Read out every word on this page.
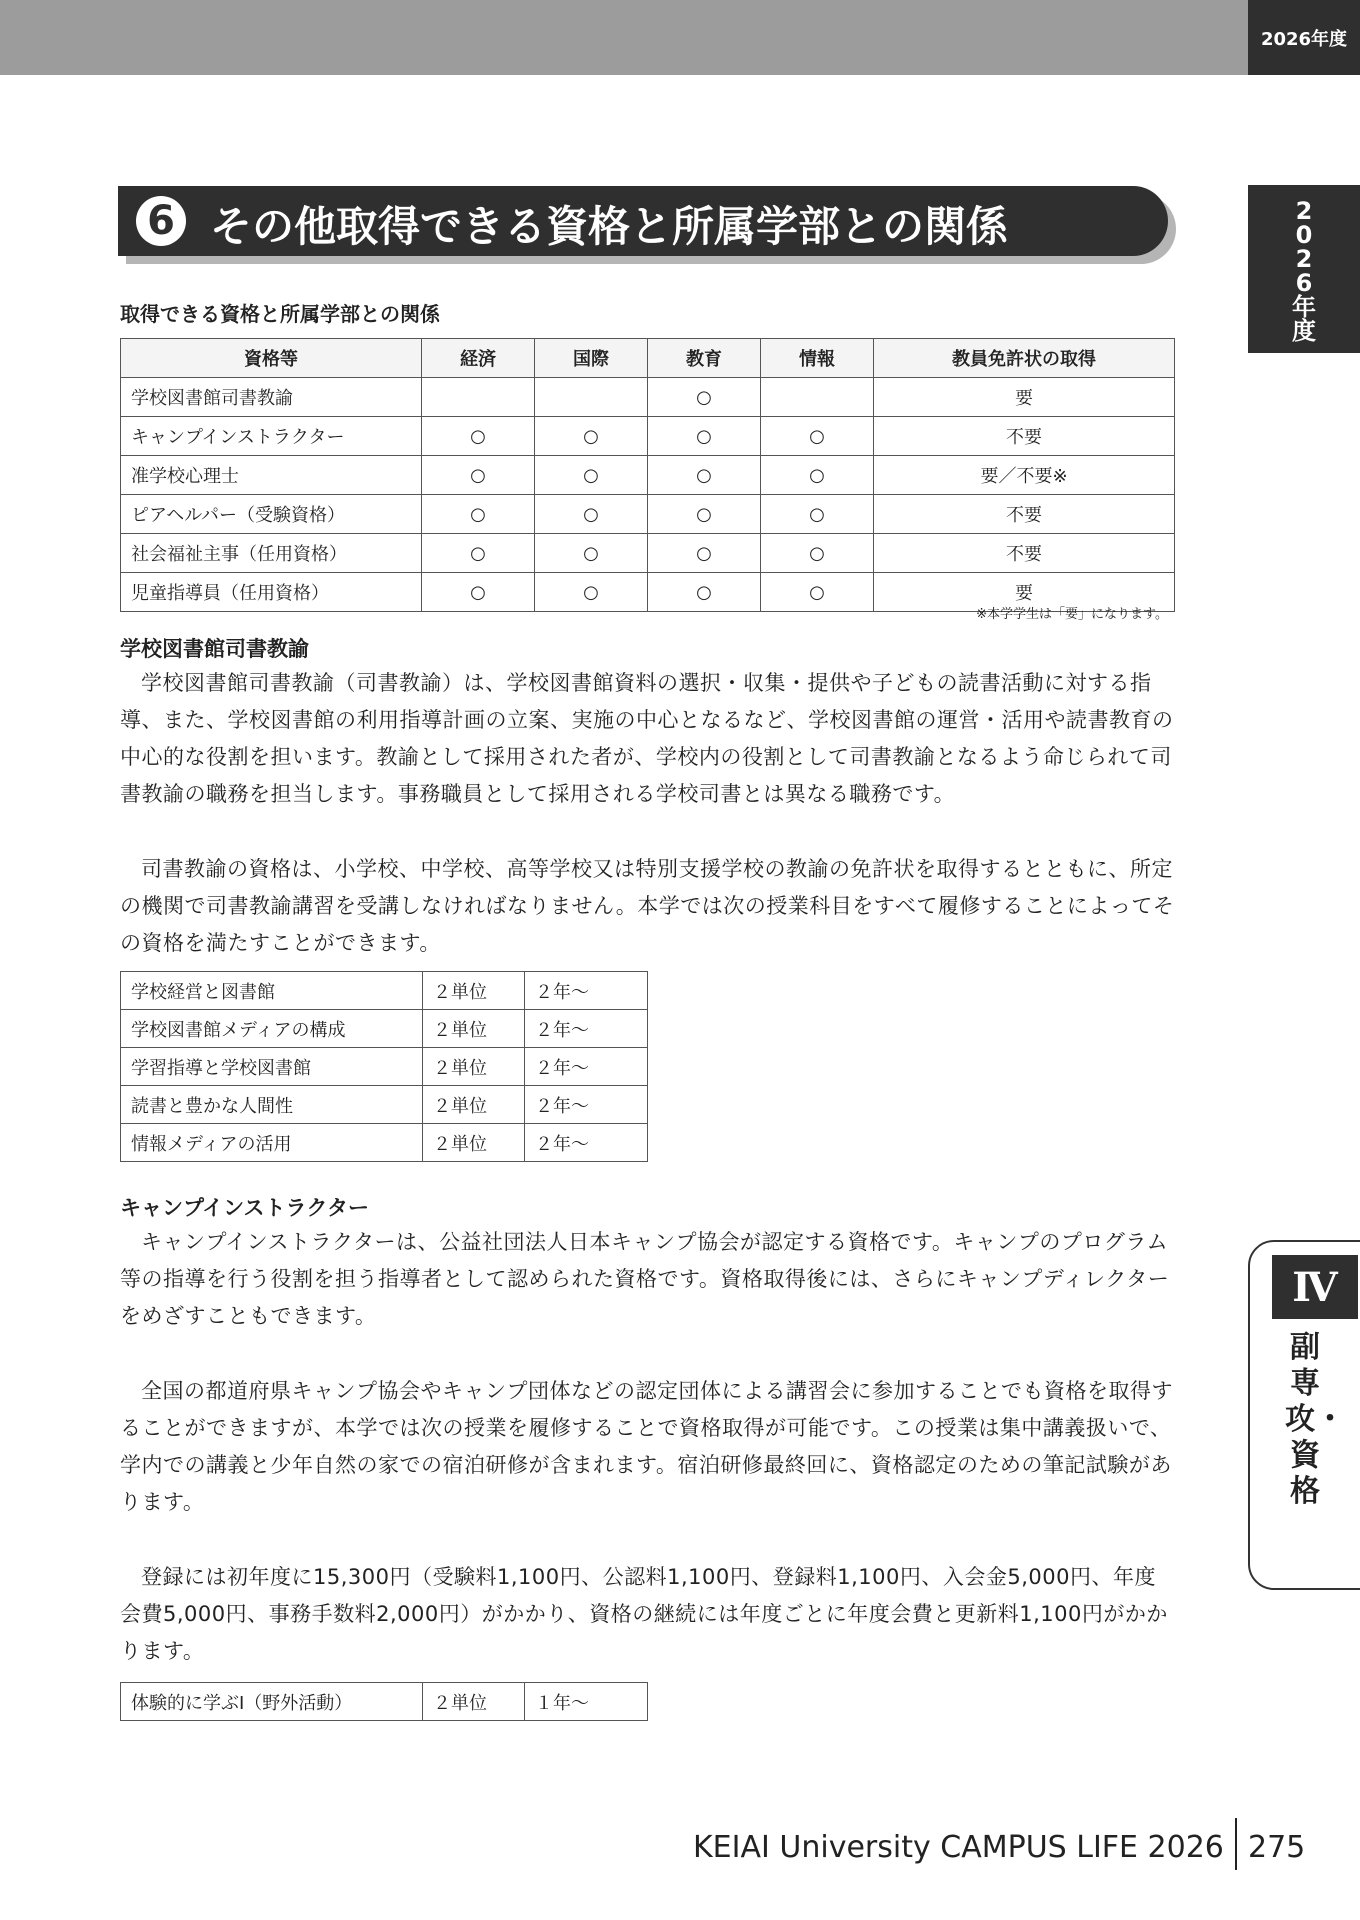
2026年度
2026年度
Ⅳ
副専攻・資格
6 その他取得できる資格と所属学部との関係
取得できる資格と所属学部との関係
資格等	経済	国際	教育	情報	教員免許状の取得
学校図書館司書教諭			○		要
キャンプインストラクター	○	○	○	○	不要
准学校心理士	○	○	○	○	要／不要※
ピアヘルパー（受験資格）	○	○	○	○	不要
社会福祉主事（任用資格）	○	○	○	○	不要
児童指導員（任用資格）	○	○	○	○	要
※本学学生は「要」になります。
学校図書館司書教諭
学校図書館司書教諭（司書教諭）は、学校図書館資料の選択・収集・提供や子どもの読書活動に対する指導、また、学校図書館の利用指導計画の立案、実施の中心となるなど、学校図書館の運営・活用や読書教育の中心的な役割を担います。教諭として採用された者が、学校内の役割として司書教諭となるよう命じられて司書教諭の職務を担当します。事務職員として採用される学校司書とは異なる職務です。
司書教諭の資格は、小学校、中学校、高等学校又は特別支援学校の教諭の免許状を取得するとともに、所定の機関で司書教諭講習を受講しなければなりません。本学では次の授業科目をすべて履修することによってその資格を満たすことができます。
学校経営と図書館	２単位	２年〜
学校図書館メディアの構成	２単位	２年〜
学習指導と学校図書館	２単位	２年〜
読書と豊かな人間性	２単位	２年〜
情報メディアの活用	２単位	２年〜
キャンプインストラクター
キャンプインストラクターは、公益社団法人日本キャンプ協会が認定する資格です。キャンプのプログラム等の指導を行う役割を担う指導者として認められた資格です。資格取得後には、さらにキャンプディレクターをめざすこともできます。
全国の都道府県キャンプ協会やキャンプ団体などの認定団体による講習会に参加することでも資格を取得することができますが、本学では次の授業を履修することで資格取得が可能です。この授業は集中講義扱いで、学内での講義と少年自然の家での宿泊研修が含まれます。宿泊研修最終回に、資格認定のための筆記試験があります。
登録には初年度に15,300円（受験料1,100円、公認料1,100円、登録料1,100円、入会金5,000円、年度会費5,000円、事務手数料2,000円）がかかり、資格の継続には年度ごとに年度会費と更新料1,100円がかかります。
体験的に学ぶⅠ（野外活動）	２単位	１年〜
KEIAI University CAMPUS LIFE 2026 275
